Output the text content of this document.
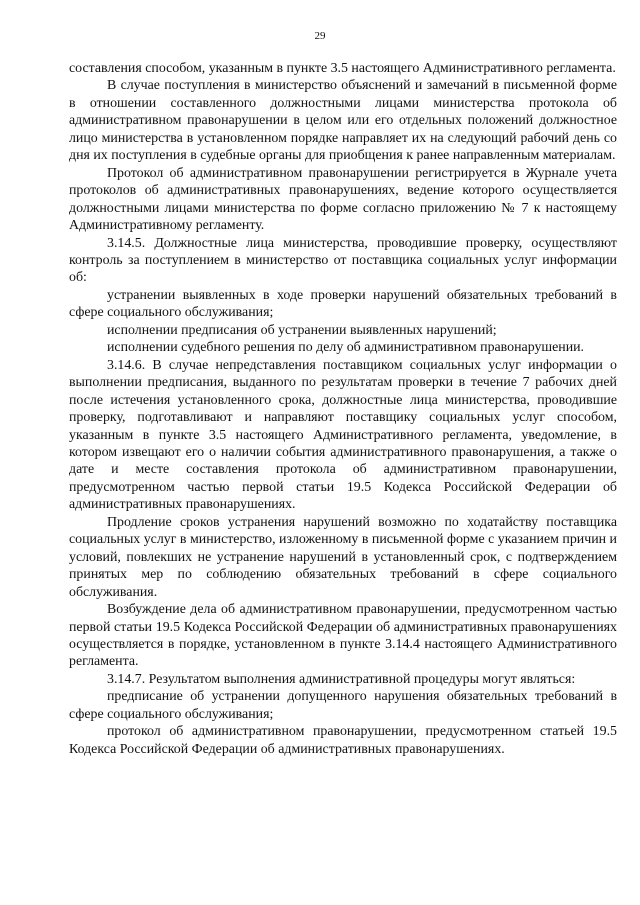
29

составления способом, указанным в пункте 3.5 настоящего Административного регламента.

В случае поступления в министерство объяснений и замечаний в письменной форме в отношении составленного должностными лицами министерства протокола об административном правонарушении в целом или его отдельных положений должностное лицо министерства в установленном порядке направляет их на следующий рабочий день со дня их поступления в судебные органы для приобщения к ранее направленным материалам.

Протокол об административном правонарушении регистрируется в Журнале учета протоколов об административных правонарушениях, ведение которого осуществляется должностными лицами министерства по форме согласно приложению № 7 к настоящему Административному регламенту.

3.14.5. Должностные лица министерства, проводившие проверку, осуществляют контроль за поступлением в министерство от поставщика социальных услуг информации об:

устранении выявленных в ходе проверки нарушений обязательных требований в сфере социального обслуживания;

исполнении предписания об устранении выявленных нарушений;

исполнении судебного решения по делу об административном правонарушении.

3.14.6. В случае непредставления поставщиком социальных услуг информации о выполнении предписания, выданного по результатам проверки в течение 7 рабочих дней после истечения установленного срока, должностные лица министерства, проводившие проверку, подготавливают и направляют поставщику социальных услуг способом, указанным в пункте 3.5 настоящего Административного регламента, уведомление, в котором извещают его о наличии события административного правонарушения, а также о дате и месте составления протокола об административном правонарушении, предусмотренном частью первой статьи 19.5 Кодекса Российской Федерации об административных правонарушениях.

Продление сроков устранения нарушений возможно по ходатайству поставщика социальных услуг в министерство, изложенному в письменной форме с указанием причин и условий, повлекших не устранение нарушений в установленный срок, с подтверждением принятых мер по соблюдению обязательных требований в сфере социального обслуживания.

Возбуждение дела об административном правонарушении, предусмотренном частью первой статьи 19.5 Кодекса Российской Федерации об административных правонарушениях осуществляется в порядке, установленном в пункте 3.14.4 настоящего Административного регламента.

3.14.7. Результатом выполнения административной процедуры могут являться:

предписание об устранении допущенного нарушения обязательных требований в сфере социального обслуживания;

протокол об административном правонарушении, предусмотренном статьей 19.5 Кодекса Российской Федерации об административных правонарушениях.
